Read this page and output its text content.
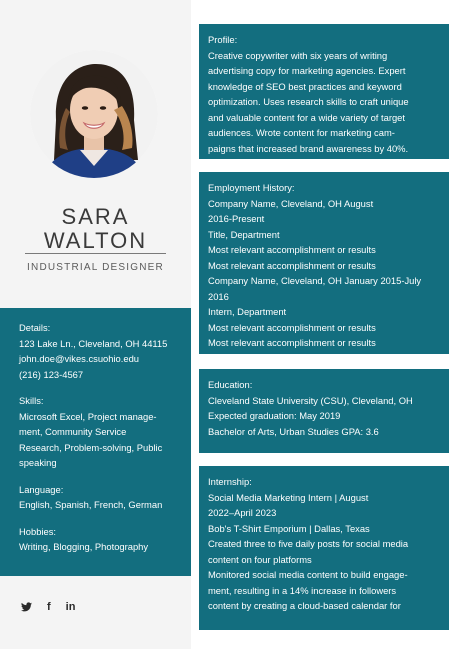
SARA
WALTON
INDUSTRIAL DESIGNER
Details:
123 Lake Ln., Cleveland, OH 44115
john.doe@vikes.csuohio.edu
(216) 123-4567
Skills:
Microsoft Excel, Project manage-
ment, Community Service
Research, Problem-solving, Public
speaking
Language:
English, Spanish, French, German
Hobbies:
Writing, Blogging, Photography
f in
Profile:
Creative copywriter with six years of writing
advertising copy for marketing agencies. Expert
knowledge of SEO best practices and keyword
optimization. Uses research skills to craft unique
and valuable content for a wide variety of target
audiences. Wrote content for marketing cam-
paigns that increased brand awareness by 40%.
Employment History:
Company Name, Cleveland, OH August
2016-Present
Title, Department
Most relevant accomplishment or results
Most relevant accomplishment or results
Company Name, Cleveland, OH January 2015-July
2016
Intern, Department
Most relevant accomplishment or results
Most relevant accomplishment or results
Education:
Cleveland State University (CSU), Cleveland, OH
Expected graduation: May 2019
Bachelor of Arts, Urban Studies GPA: 3.6
Internship:
Social Media Marketing Intern | August
2022–April 2023
Bob's T-Shirt Emporium | Dallas, Texas
Created three to five daily posts for social media
content on four platforms
Monitored social media content to build engage-
ment, resulting in a 14% increase in followers
content by creating a cloud-based calendar for
